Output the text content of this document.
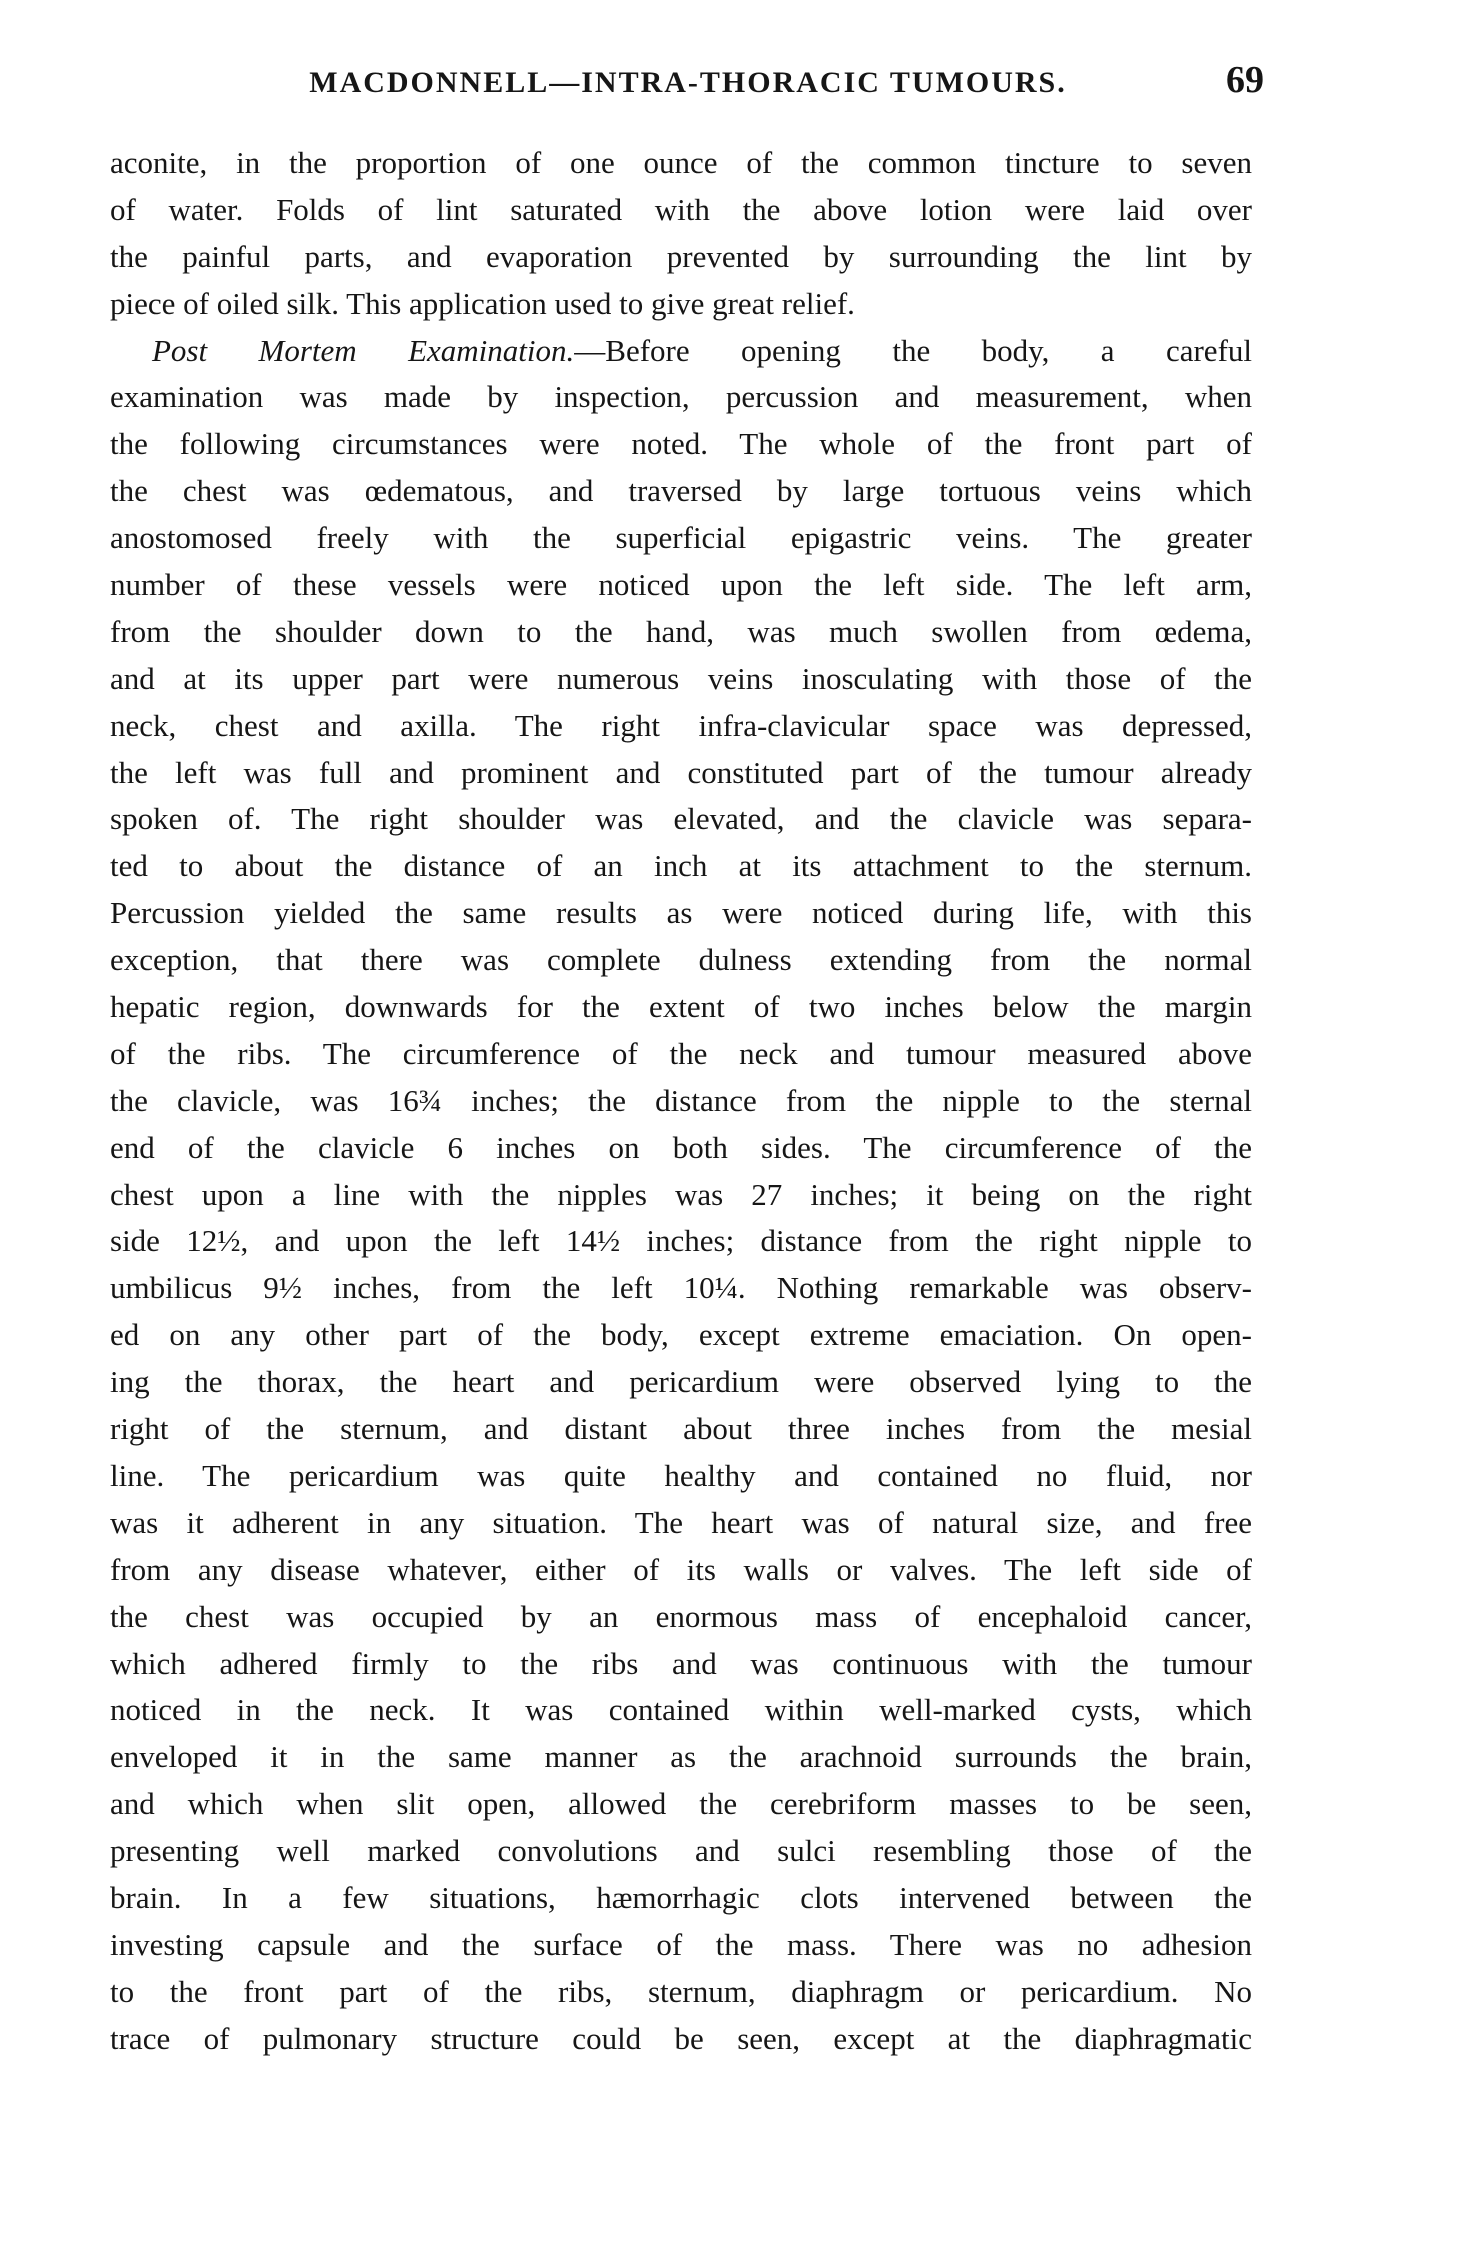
MACDONNELL—INTRA-THORACIC TUMOURS.	69
aconite, in the proportion of one ounce of the common tincture to seven
of water. Folds of lint saturated with the above lotion were laid over
the painful parts, and evaporation prevented by surrounding the lint by
piece of oiled silk. This application used to give great relief.
Post Mortem Examination.—Before opening the body, a careful
examination was made by inspection, percussion and measurement, when
the following circumstances were noted. The whole of the front part of
the chest was œdematous, and traversed by large tortuous veins which
anostomosed freely with the superficial epigastric veins. The greater
number of these vessels were noticed upon the left side. The left arm,
from the shoulder down to the hand, was much swollen from œdema,
and at its upper part were numerous veins inosculating with those of the
neck, chest and axilla. The right infra-clavicular space was depressed,
the left was full and prominent and constituted part of the tumour already
spoken of. The right shoulder was elevated, and the clavicle was separa-
ted to about the distance of an inch at its attachment to the sternum.
Percussion yielded the same results as were noticed during life, with this
exception, that there was complete dulness extending from the normal
hepatic region, downwards for the extent of two inches below the margin
of the ribs. The circumference of the neck and tumour measured above
the clavicle, was 16¾ inches; the distance from the nipple to the sternal
end of the clavicle 6 inches on both sides. The circumference of the
chest upon a line with the nipples was 27 inches; it being on the right
side 12½, and upon the left 14½ inches; distance from the right nipple to
umbilicus 9½ inches, from the left 10¼. Nothing remarkable was observ-
ed on any other part of the body, except extreme emaciation. On open-
ing the thorax, the heart and pericardium were observed lying to the
right of the sternum, and distant about three inches from the mesial
line. The pericardium was quite healthy and contained no fluid, nor
was it adherent in any situation. The heart was of natural size, and free
from any disease whatever, either of its walls or valves. The left side of
the chest was occupied by an enormous mass of encephaloid cancer,
which adhered firmly to the ribs and was continuous with the tumour
noticed in the neck. It was contained within well-marked cysts, which
enveloped it in the same manner as the arachnoid surrounds the brain,
and which when slit open, allowed the cerebriform masses to be seen,
presenting well marked convolutions and sulci resembling those of the
brain. In a few situations, hæmorrhagic clots intervened between the
investing capsule and the surface of the mass. There was no adhesion
to the front part of the ribs, sternum, diaphragm or pericardium. No
trace of pulmonary structure could be seen, except at the diaphragmatic
